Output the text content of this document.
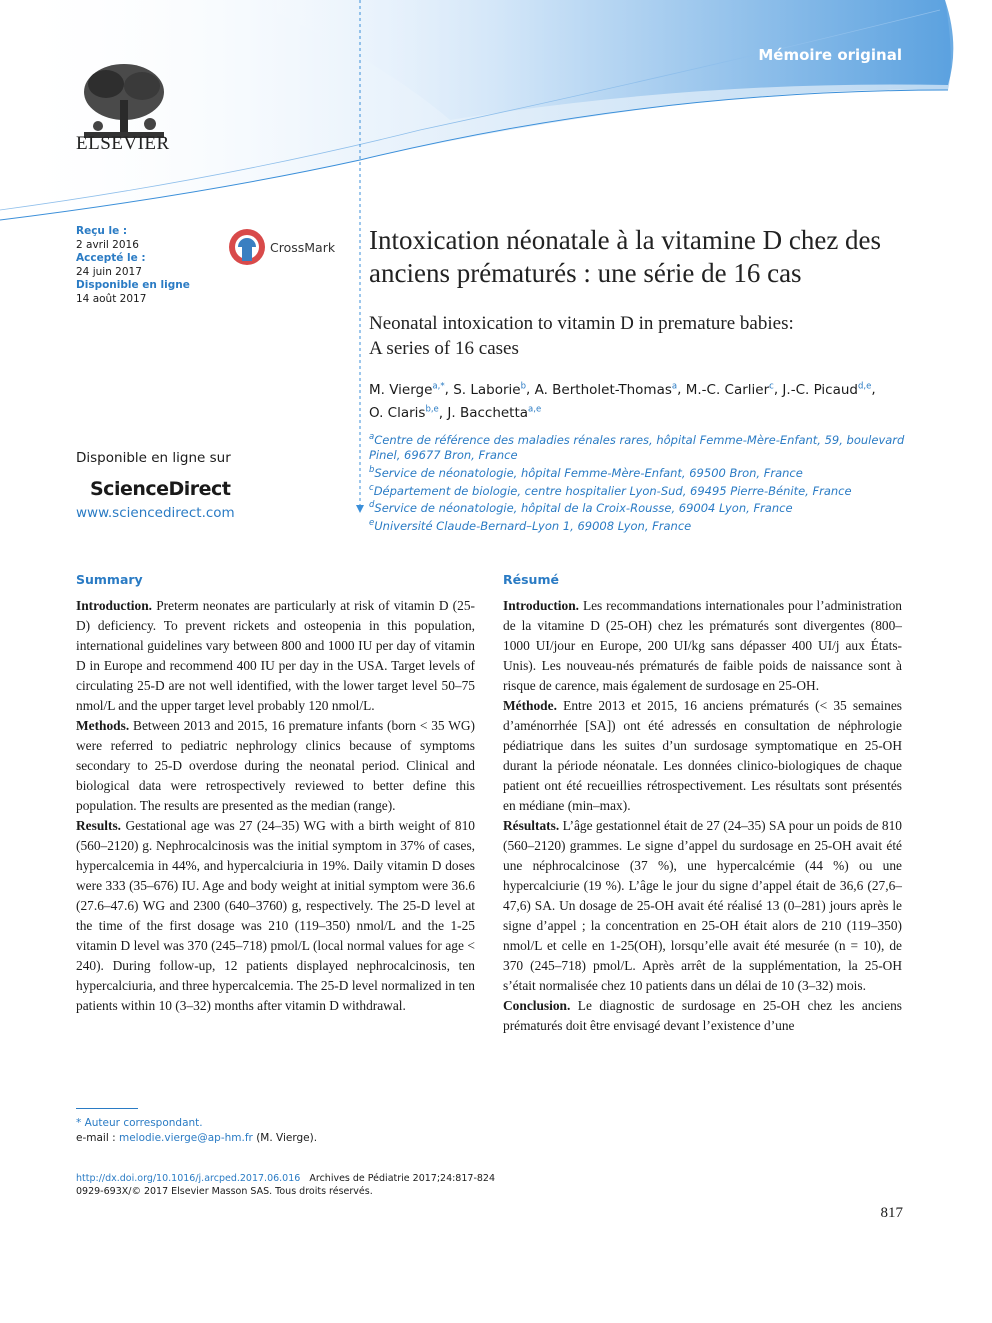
Mémoire original
ELSEVIER
Reçu le :
2 avril 2016
Accepté le :
24 juin 2017
Disponible en ligne
14 août 2017
CrossMark
Disponible en ligne sur
ScienceDirect
www.sciencedirect.com
Intoxication néonatale à la vitamine D chez des anciens prématurés : une série de 16 cas
Neonatal intoxication to vitamin D in premature babies:
A series of 16 cases
M. Vierge$^{a,*}$, S. Laborie$^b$, A. Bertholet-Thomas$^a$, M.-C. Carlier$^c$, J.-C. Picaud$^{d,e}$,
O. Claris$^{b,e}$, J. Bacchetta$^{a,e}$
$^a$Centre de référence des maladies rénales rares, hôpital Femme-Mère-Enfant, 59, boulevard Pinel, 69677 Bron, France
$^b$Service de néonatologie, hôpital Femme-Mère-Enfant, 69500 Bron, France
$^c$Département de biologie, centre hospitalier Lyon-Sud, 69495 Pierre-Bénite, France
$^d$Service de néonatologie, hôpital de la Croix-Rousse, 69004 Lyon, France
$^e$Université Claude-Bernard–Lyon 1, 69008 Lyon, France
Summary

Introduction. Preterm neonates are particularly at risk of vitamin D (25-D) deficiency. To prevent rickets and osteopenia in this population, international guidelines vary between 800 and 1000 IU per day of vitamin D in Europe and recommend 400 IU per day in the USA. Target levels of circulating 25-D are not well identified, with the lower target level 50–75 nmol/L and the upper target level probably 120 nmol/L.

Methods. Between 2013 and 2015, 16 premature infants (born < 35 WG) were referred to pediatric nephrology clinics because of symptoms secondary to 25-D overdose during the neonatal period. Clinical and biological data were retrospectively reviewed to better define this population. The results are presented as the median (range).

Results. Gestational age was 27 (24–35) WG with a birth weight of 810 (560–2120) g. Nephrocalcinosis was the initial symptom in 37% of cases, hypercalcemia in 44%, and hypercalciuria in 19%. Daily vitamin D doses were 333 (35–676) IU. Age and body weight at initial symptom were 36.6 (27.6–47.6) WG and 2300 (640–3760) g, respectively. The 25-D level at the time of the first dosage was 210 (119–350) nmol/L and the 1-25 vitamin D level was 370 (245–718) pmol/L (local normal values for age < 240). During follow-up, 12 patients displayed nephrocalcinosis, ten hypercalciuria, and three hypercalcemia. The 25-D level normalized in ten patients within 10 (3–32) months after vitamin D withdrawal.

Résumé

Introduction. Les recommandations internationales pour l’administration de la vitamine D (25-OH) chez les prématurés sont divergentes (800–1000 UI/jour en Europe, 200 UI/kg sans dépasser 400 UI/j aux États-Unis). Les nouveau-nés prématurés de faible poids de naissance sont à risque de carence, mais également de surdosage en 25-OH.

Méthode. Entre 2013 et 2015, 16 anciens prématurés (< 35 semaines d’aménorrhée [SA]) ont été adressés en consultation de néphrologie pédiatrique dans les suites d’un surdosage symptomatique en 25-OH durant la période néonatale. Les données clinico-biologiques de chaque patient ont été recueillies rétrospectivement. Les résultats sont présentés en médiane (min–max).

Résultats. L’âge gestationnel était de 27 (24–35) SA pour un poids de 810 (560–2120) grammes. Le signe d’appel du surdosage en 25-OH avait été une néphrocalcinose (37 %), une hypercalcémie (44 %) ou une hypercalciurie (19 %). L’âge le jour du signe d’appel était de 36,6 (27,6–47,6) SA. Un dosage de 25-OH avait été réalisé 13 (0–281) jours après le signe d’appel ; la concentration en 25-OH était alors de 210 (119–350) nmol/L et celle en 1-25(OH), lorsqu’elle avait été mesurée (n = 10), de 370 (245–718) pmol/L. Après arrêt de la supplémentation, la 25-OH s’était normalisée chez 10 patients dans un délai de 10 (3–32) mois.

Conclusion. Le diagnostic de surdosage en 25-OH chez les anciens prématurés doit être envisagé devant l’existence d’une

* Auteur correspondant.
e-mail : melodie.vierge@ap-hm.fr (M. Vierge).
http://dx.doi.org/10.1016/j.arcped.2017.06.016 Archives de Pédiatrie 2017;24:817-824
0929-693X/© 2017 Elsevier Masson SAS. Tous droits réservés.
817
